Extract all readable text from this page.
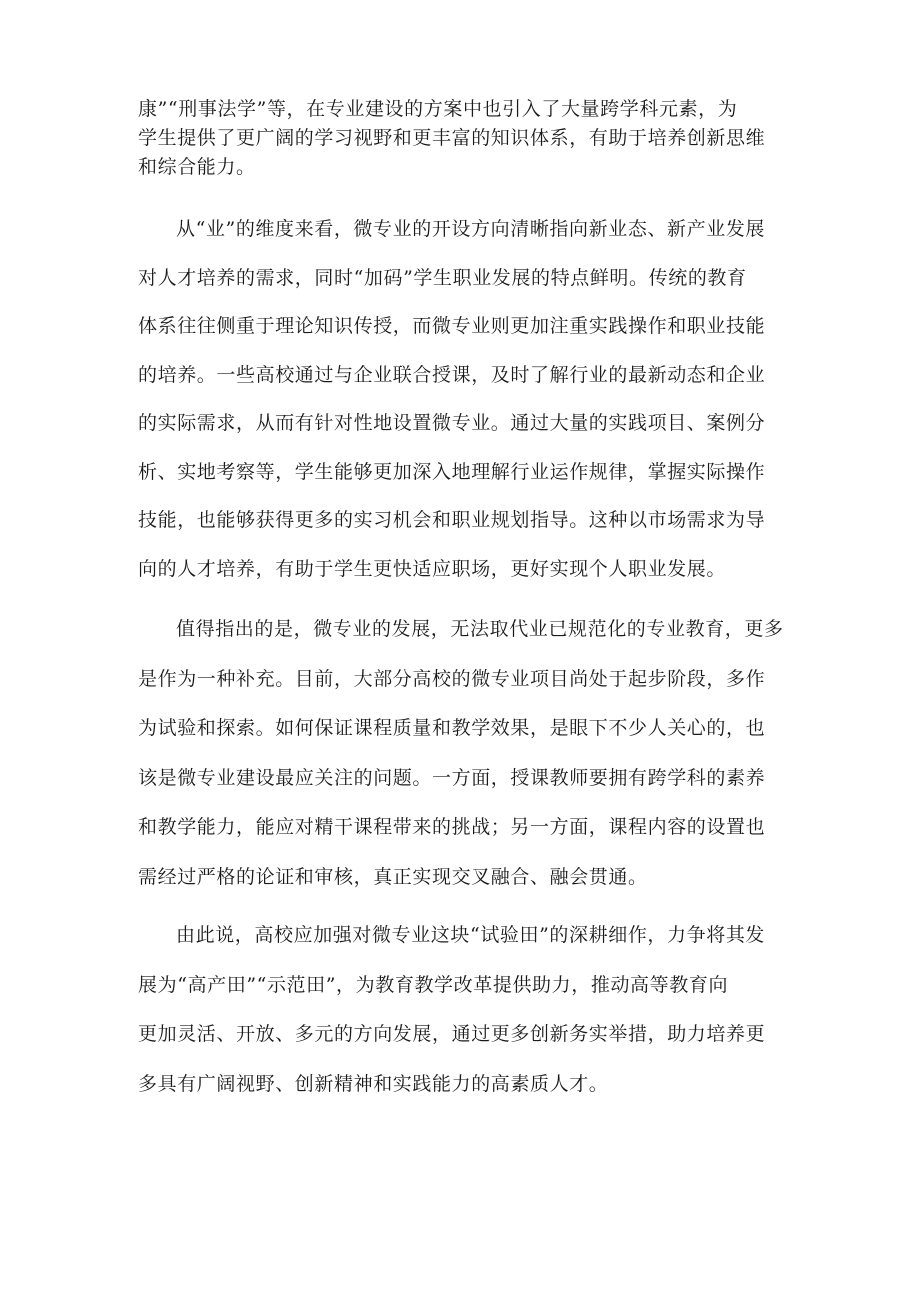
康”“刑事法学”等，在专业建设的方案中也引入了大量跨学科元素，为
学生提供了更广阔的学习视野和更丰富的知识体系，有助于培养创新思维
和综合能力。

从“业”的维度来看，微专业的开设方向清晰指向新业态、新产业发展
对人才培养的需求，同时“加码”学生职业发展的特点鲜明。传统的教育
体系往往侧重于理论知识传授，而微专业则更加注重实践操作和职业技能
的培养。一些高校通过与企业联合授课，及时了解行业的最新动态和企业
的实际需求，从而有针对性地设置微专业。通过大量的实践项目、案例分
析、实地考察等，学生能够更加深入地理解行业运作规律，掌握实际操作
技能，也能够获得更多的实习机会和职业规划指导。这种以市场需求为导
向的人才培养，有助于学生更快适应职场，更好实现个人职业发展。

值得指出的是，微专业的发展，无法取代业已规范化的专业教育，更多
是作为一种补充。目前，大部分高校的微专业项目尚处于起步阶段，多作
为试验和探索。如何保证课程质量和教学效果，是眼下不少人关心的，也
该是微专业建设最应关注的问题。一方面，授课教师要拥有跨学科的素养
和教学能力，能应对精干课程带来的挑战；另一方面，课程内容的设置也
需经过严格的论证和审核，真正实现交叉融合、融会贯通。

由此说，高校应加强对微专业这块“试验田”的深耕细作，力争将其发
展为“高产田”“示范田”，为教育教学改革提供助力，推动高等教育向
更加灵活、开放、多元的方向发展，通过更多创新务实举措，助力培养更
多具有广阔视野、创新精神和实践能力的高素质人才。
